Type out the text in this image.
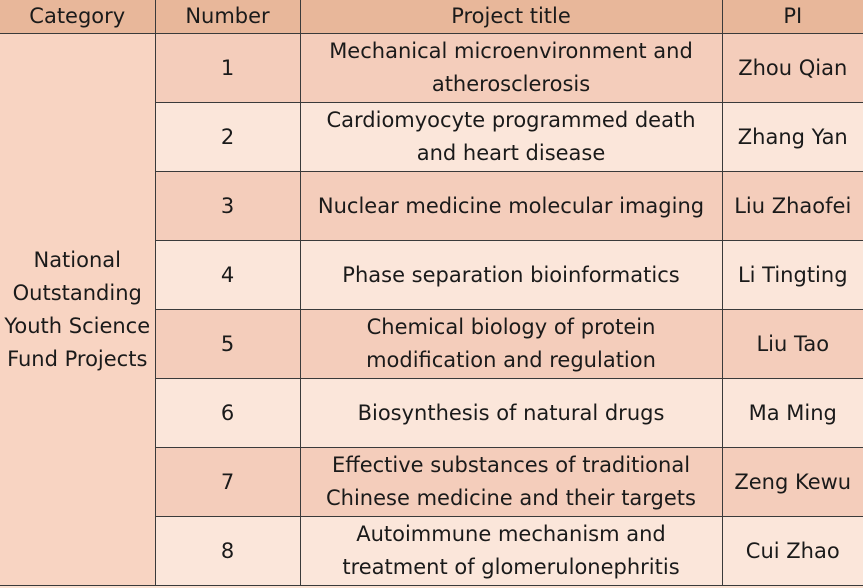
Category	Number	Project title	PI
National Outstanding Youth Science Fund Projects	1	Mechanical microenvironment and atherosclerosis	Zhou Qian
	2	Cardiomyocyte programmed death and heart disease	Zhang Yan
	3	Nuclear medicine molecular imaging	Liu Zhaofei
	4	Phase separation bioinformatics	Li Tingting
	5	Chemical biology of protein modification and regulation	Liu Tao
	6	Biosynthesis of natural drugs	Ma Ming
	7	Effective substances of traditional Chinese medicine and their targets	Zeng Kewu
	8	Autoimmune mechanism and treatment of glomerulonephritis	Cui Zhao
